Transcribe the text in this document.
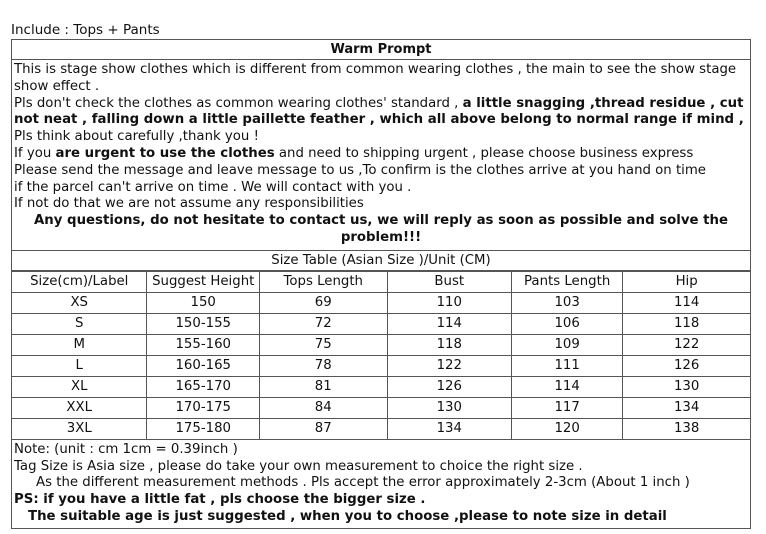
Include : Tops + Pants
Warm Prompt

This is stage show clothes which is different from common wearing clothes , the main to see the show stage show effect .

Pls don't check the clothes as common wearing clothes' standard , a little snagging ,thread residue , cut not neat , falling down a little paillette feather , which all above belong to normal range if mind ,

Pls think about carefully ,thank you !

If you are urgent to use the clothes and need to shipping urgent , please choose business express

Please send the message and leave message to us ,To confirm is the clothes arrive at you hand on time

if the parcel can't arrive on time . We will contact with you .

If not do that we are not assume any responsibilities

Any questions, do not hesitate to contact us, we will reply as soon as possible and solve the problem!!!

Size Table (Asian Size )/Unit (CM)
Size(cm)/Label	Suggest Height	Tops Length	Bust	Pants Length	Hip
XS	150	69	110	103	114
S	150-155	72	114	106	118
M	155-160	75	118	109	122
L	160-165	78	122	111	126
XL	165-170	81	126	114	130
XXL	170-175	84	130	117	134
3XL	175-180	87	134	120	138

Note: (unit : cm 1cm = 0.39inch )

Tag Size is Asia size , please do take your own measurement to choice the right size .

As the different measurement methods . Pls accept the error approximately 2-3cm (About 1 inch )

PS: if you have a little fat , pls choose the bigger size .

The suitable age is just suggested , when you to choose ,please to note size in detail
